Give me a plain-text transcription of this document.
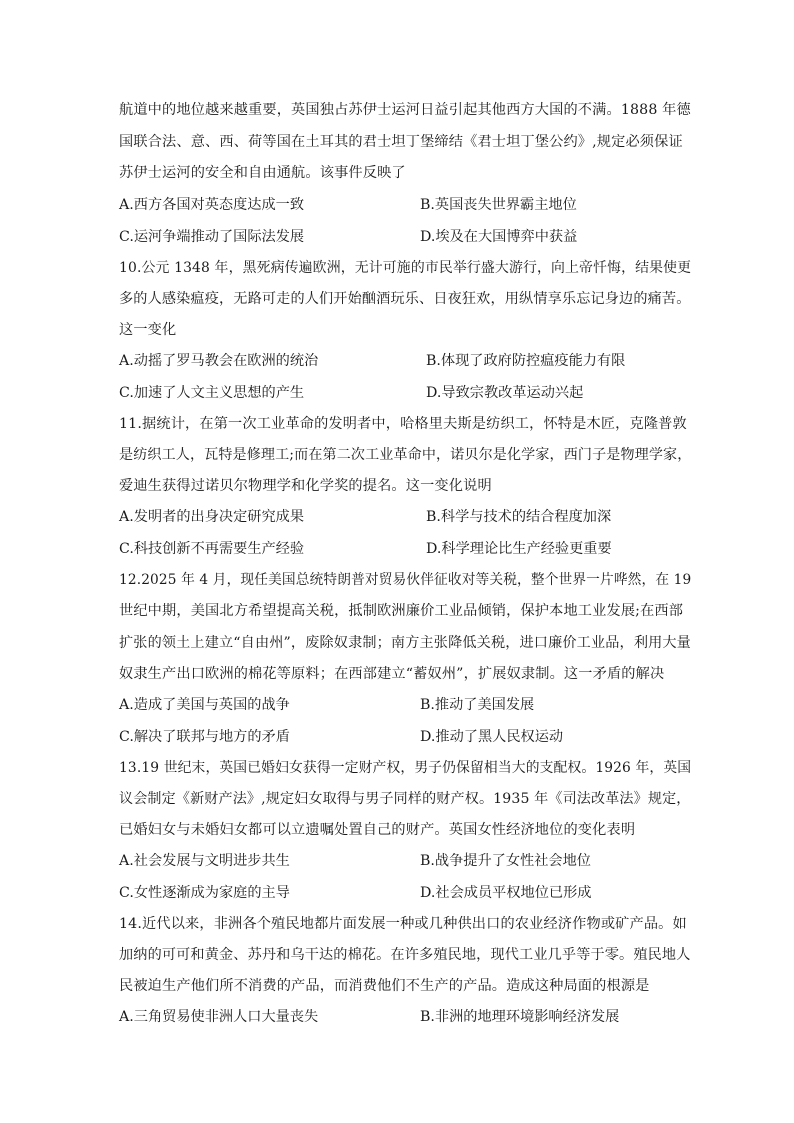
航道中的地位越来越重要，英国独占苏伊士运河日益引起其他西方大国的不满。1888 年德
国联合法、意、西、荷等国在土耳其的君士坦丁堡缔结《君士坦丁堡公约》,规定必须保证
苏伊士运河的安全和自由通航。该事件反映了
A.西方各国对英态度达成一致	B.英国丧失世界霸主地位
C.运河争端推动了国际法发展	D.埃及在大国博弈中获益
10.公元 1348 年，黑死病传遍欧洲，无计可施的市民举行盛大游行，向上帝忏悔，结果使更
多的人感染瘟疫，无路可走的人们开始酗酒玩乐、日夜狂欢，用纵情享乐忘记身边的痛苦。
这一变化
A.动摇了罗马教会在欧洲的统治	B.体现了政府防控瘟疫能力有限
C.加速了人文主义思想的产生	D.导致宗教改革运动兴起
11.据统计，在第一次工业革命的发明者中，哈格里夫斯是纺织工，怀特是木匠，克隆普敦
是纺织工人，瓦特是修理工;而在第二次工业革命中，诺贝尔是化学家，西门子是物理学家，
爱迪生获得过诺贝尔物理学和化学奖的提名。这一变化说明
A.发明者的出身决定研究成果	B.科学与技术的结合程度加深
C.科技创新不再需要生产经验	D.科学理论比生产经验更重要
12.2025 年 4 月，现任美国总统特朗普对贸易伙伴征收对等关税，整个世界一片哗然，在 19
世纪中期，美国北方希望提高关税，抵制欧洲廉价工业品倾销，保护本地工业发展;在西部
扩张的领土上建立“自由州”，废除奴隶制；南方主张降低关税，进口廉价工业品，利用大量
奴隶生产出口欧洲的棉花等原料；在西部建立“蓄奴州”，扩展奴隶制。这一矛盾的解决
A.造成了美国与英国的战争	B.推动了美国发展
C.解决了联邦与地方的矛盾	D.推动了黑人民权运动
13.19 世纪末，英国已婚妇女获得一定财产权，男子仍保留相当大的支配权。1926 年，英国
议会制定《新财产法》,规定妇女取得与男子同样的财产权。1935 年《司法改革法》规定，
已婚妇女与未婚妇女都可以立遗嘱处置自己的财产。英国女性经济地位的变化表明
A.社会发展与文明进步共生	B.战争提升了女性社会地位
C.女性逐渐成为家庭的主导	D.社会成员平权地位已形成
14.近代以来，非洲各个殖民地都片面发展一种或几种供出口的农业经济作物或矿产品。如
加纳的可可和黄金、苏丹和乌干达的棉花。在许多殖民地，现代工业几乎等于零。殖民地人
民被迫生产他们所不消费的产品，而消费他们不生产的产品。造成这种局面的根源是
A.三角贸易使非洲人口大量丧失	B.非洲的地理环境影响经济发展
